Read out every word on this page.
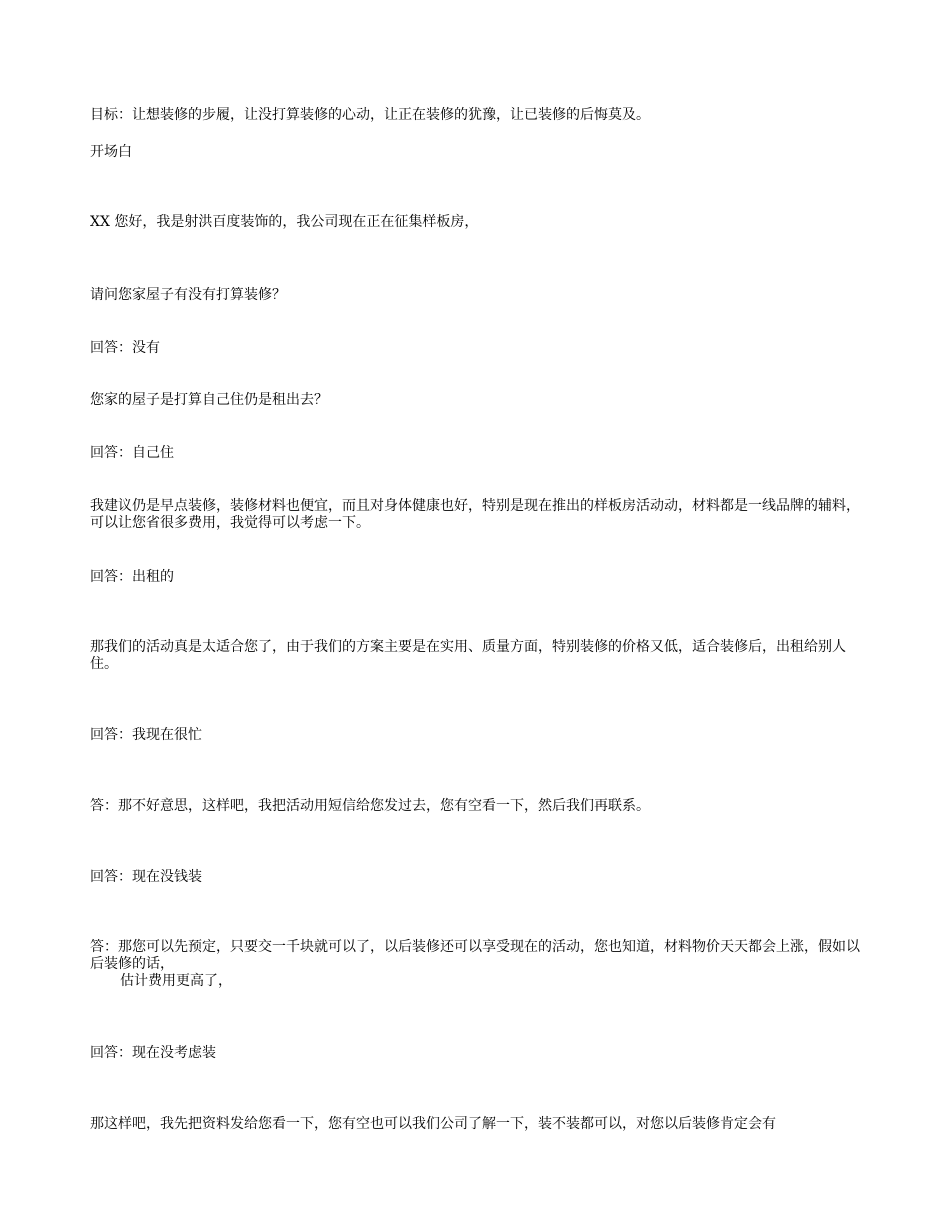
目标：让想装修的步履，让没打算装修的心动，让正在装修的犹豫，让已装修的后悔莫及。

开场白

XX 您好，我是射洪百度装饰的，我公司现在正在征集样板房，

请问您家屋子有没有打算装修？

回答：没有

您家的屋子是打算自己住仍是租出去？

回答：自己住

我建议仍是早点装修，装修材料也便宜，而且对身体健康也好，特别是现在推出的样板房活动动，材料都是一线品牌的辅料，可以让您省很多费用，我觉得可以考虑一下。

回答：出租的

那我们的活动真是太适合您了，由于我们的方案主要是在实用、质量方面，特别装修的价格又低，适合装修后，出租给别人住。

回答：我现在很忙

答：那不好意思，这样吧，我把活动用短信给您发过去，您有空看一下，然后我们再联系。

回答：现在没钱装

答：那您可以先预定，只要交一千块就可以了，以后装修还可以享受现在的活动，您也知道，材料物价天天都会上涨，假如以后装修的话，
估计费用更高了，

回答：现在没考虑装

那这样吧，我先把资料发给您看一下，您有空也可以我们公司了解一下，装不装都可以，对您以后装修肯定会有
